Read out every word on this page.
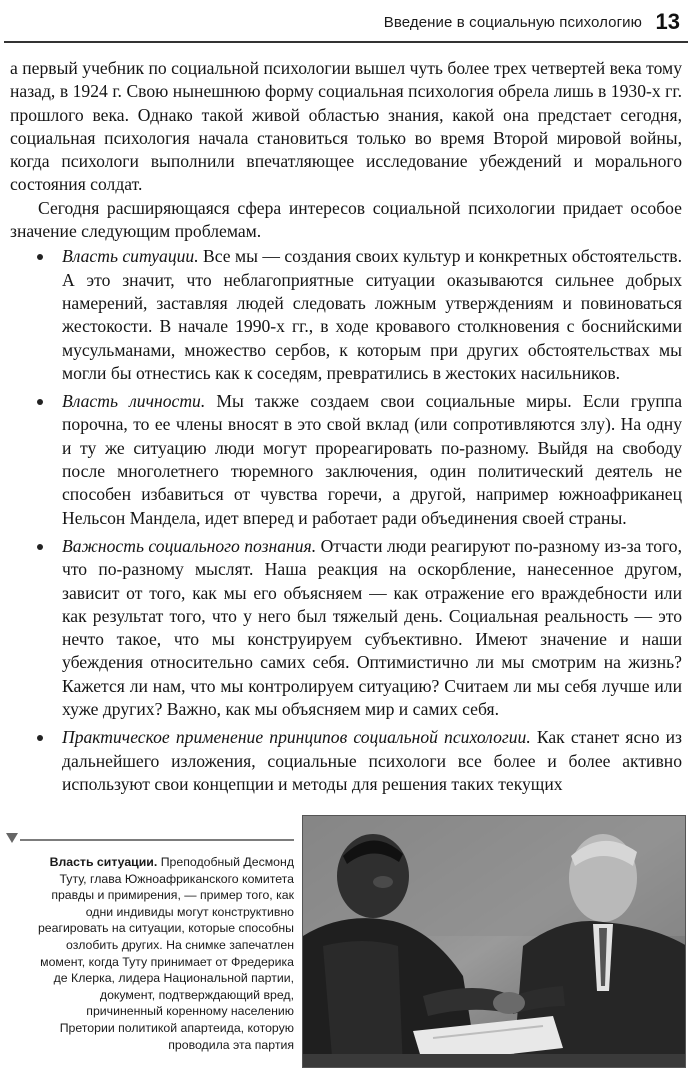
Введение в социальную психологию 13

а первый учебник по социальной психологии вышел чуть более трех четвертей века тому назад, в 1924 г. Свою нынешнюю форму социальная психология обрела лишь в 1930-х гг. прошлого века. Однако такой живой областью знания, какой она предстает сегодня, социальная психология начала становиться только во время Второй мировой войны, когда психологи выполнили впечатляющее исследование убеждений и морального состояния солдат.

Сегодня расширяющаяся сфера интересов социальной психологии придает особое значение следующим проблемам.

Власть ситуации. Все мы — создания своих культур и конкретных обстоятельств. А это значит, что неблагоприятные ситуации оказываются сильнее добрых намерений, заставляя людей следовать ложным утверждениям и повиноваться жестокости. В начале 1990-х гг., в ходе кровавого столкновения с боснийскими мусульманами, множество сербов, к которым при других обстоятельствах мы могли бы отнестись как к соседям, превратились в жестоких насильников.
Власть личности. Мы также создаем свои социальные миры. Если группа порочна, то ее члены вносят в это свой вклад (или сопротивляются злу). На одну и ту же ситуацию люди могут прореагировать по-разному. Выйдя на свободу после многолетнего тюремного заключения, один политический деятель не способен избавиться от чувства горечи, а другой, например южноафриканец Нельсон Мандела, идет вперед и работает ради объединения своей страны.
Важность социального познания. Отчасти люди реагируют по-разному из-за того, что по-разному мыслят. Наша реакция на оскорбление, нанесенное другом, зависит от того, как мы его объясняем — как отражение его враждебности или как результат того, что у него был тяжелый день. Социальная реальность — это нечто такое, что мы конструируем субъективно. Имеют значение и наши убеждения относительно самих себя. Оптимистично ли мы смотрим на жизнь? Кажется ли нам, что мы контролируем ситуацию? Считаем ли мы себя лучше или хуже других? Важно, как мы объясняем мир и самих себя.
Практическое применение принципов социальной психологии. Как станет ясно из дальнейшего изложения, социальные психологи все более и более активно используют свои концепции и методы для решения таких текущих
Власть ситуации. Преподобный Десмонд Туту, глава Южноафриканского комитета правды и примирения, — пример того, как одни индивиды могут конструктивно реагировать на ситуации, которые способны озлобить других. На снимке запечатлен момент, когда Туту принимает от Фредерика де Клерка, лидера Национальной партии, документ, подтверждающий вред, причиненный коренному населению Претории политикой апартеида, которую проводила эта партия
